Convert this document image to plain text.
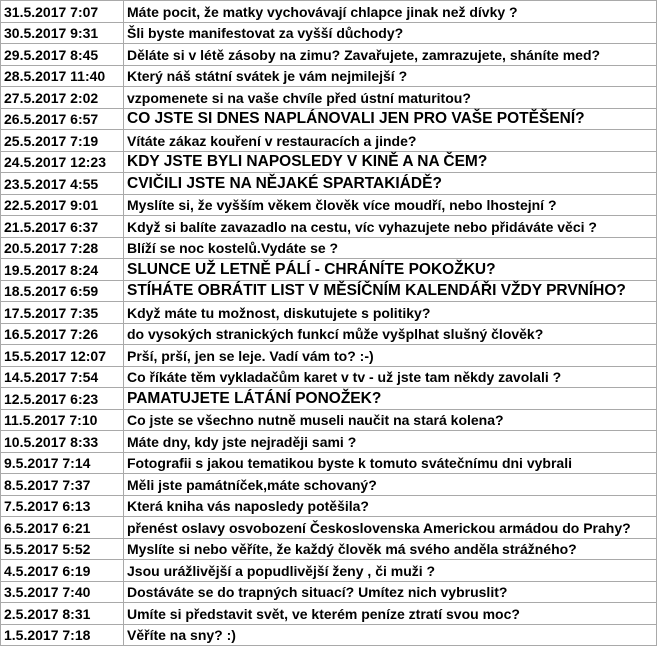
31.5.2017 7:07	Máte pocit, že matky vychovávají chlapce jinak než dívky ?
30.5.2017 9:31	Šli byste manifestovat za vyšší důchody?
29.5.2017 8:45	Děláte si v létě zásoby na zimu? Zavařujete, zamrazujete, sháníte med?
28.5.2017 11:40	Který náš státní svátek je vám nejmilejší ?
27.5.2017 2:02	vzpomenete si na vaše chvíle před ústní maturitou?
26.5.2017 6:57	CO JSTE SI DNES NAPLÁNOVALI JEN PRO VAŠE POTĚŠENÍ?
25.5.2017 7:19	Vítáte zákaz kouření v restauracích a jinde?
24.5.2017 12:23	KDY JSTE BYLI NAPOSLEDY V KINĚ A NA ČEM?
23.5.2017 4:55	CVIČILI JSTE NA NĚJAKÉ SPARTAKIÁDĚ?
22.5.2017 9:01	Myslíte si, že vyšším věkem člověk více moudří, nebo lhostejní ?
21.5.2017 6:37	Když si balíte zavazadlo na cestu, víc vyhazujete nebo přidáváte věci ?
20.5.2017 7:28	Blíží se noc kostelů.Vydáte se ?
19.5.2017 8:24	SLUNCE UŽ LETNĚ PÁLÍ - CHRÁNÍTE POKOŽKU?
18.5.2017 6:59	STÍHÁTE OBRÁTIT LIST V MĚSÍČNÍM KALENDÁŘI VŽDY PRVNÍHO?
17.5.2017 7:35	Když máte tu možnost, diskutujete s politiky?
16.5.2017 7:26	do vysokých stranických funkcí může vyšplhat slušný člověk?
15.5.2017 12:07	Prší, prší, jen se leje. Vadí vám to? :-)
14.5.2017 7:54	Co říkáte těm vykladačům karet v tv - už jste tam někdy zavolali ?
12.5.2017 6:23	PAMATUJETE LÁTÁNÍ PONOŽEK?
11.5.2017 7:10	Co jste se všechno nutně museli naučit na stará kolena?
10.5.2017 8:33	Máte dny, kdy jste nejraději sami ?
9.5.2017 7:14	Fotografii s jakou tematikou byste k tomuto svátečnímu dni vybrali
8.5.2017 7:37	Měli jste památníček,máte schovaný?
7.5.2017 6:13	Která kniha vás naposledy potěšila?
6.5.2017 6:21	přenést oslavy osvobození Československa Americkou armádou do Prahy?
5.5.2017 5:52	Myslíte si nebo věříte, že každý člověk má svého anděla strážného?
4.5.2017 6:19	Jsou urážlivější a popudlivější ženy , či muži ?
3.5.2017 7:40	Dostáváte se do trapných situací? Umítez nich vybruslit?
2.5.2017 8:31	Umíte si představit svět, ve kterém peníze ztratí svou moc?
1.5.2017 7:18	Věříte na sny? :)
